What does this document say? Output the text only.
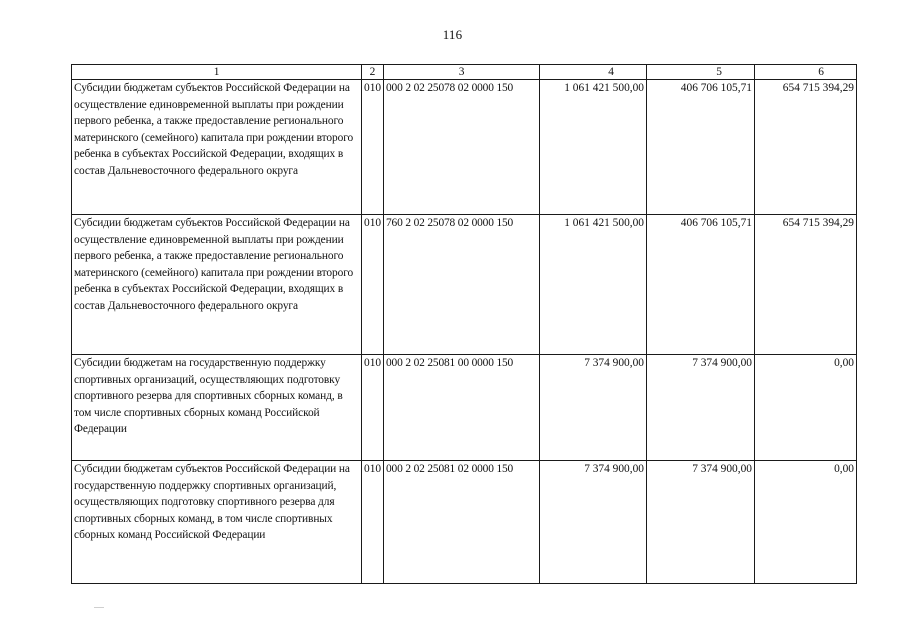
116
1	2	3	4	5	6
Субсидии бюджетам субъектов Российской Федерации на осуществление единовременной выплаты при рождении первого ребенка, а также предоставление регионального материнского (семейного) капитала при рождении второго ребенка в субъектах Российской Федерации, входящих в состав Дальневосточного федерального округа	010	000 2 02 25078 02 0000 150	1 061 421 500,00	406 706 105,71	654 715 394,29
Субсидии бюджетам субъектов Российской Федерации на осуществление единовременной выплаты при рождении первого ребенка, а также предоставление регионального материнского (семейного) капитала при рождении второго ребенка в субъектах Российской Федерации, входящих в состав Дальневосточного федерального округа	010	760 2 02 25078 02 0000 150	1 061 421 500,00	406 706 105,71	654 715 394,29
Субсидии бюджетам на государственную поддержку спортивных организаций, осуществляющих подготовку спортивного резерва для спортивных сборных команд, в том числе спортивных сборных команд Российской Федерации	010	000 2 02 25081 00 0000 150	7 374 900,00	7 374 900,00	0,00
Субсидии бюджетам субъектов Российской Федерации на государственную поддержку спортивных организаций, осуществляющих подготовку спортивного резерва для спортивных сборных команд, в том числе спортивных сборных команд Российской Федерации	010	000 2 02 25081 02 0000 150	7 374 900,00	7 374 900,00	0,00
